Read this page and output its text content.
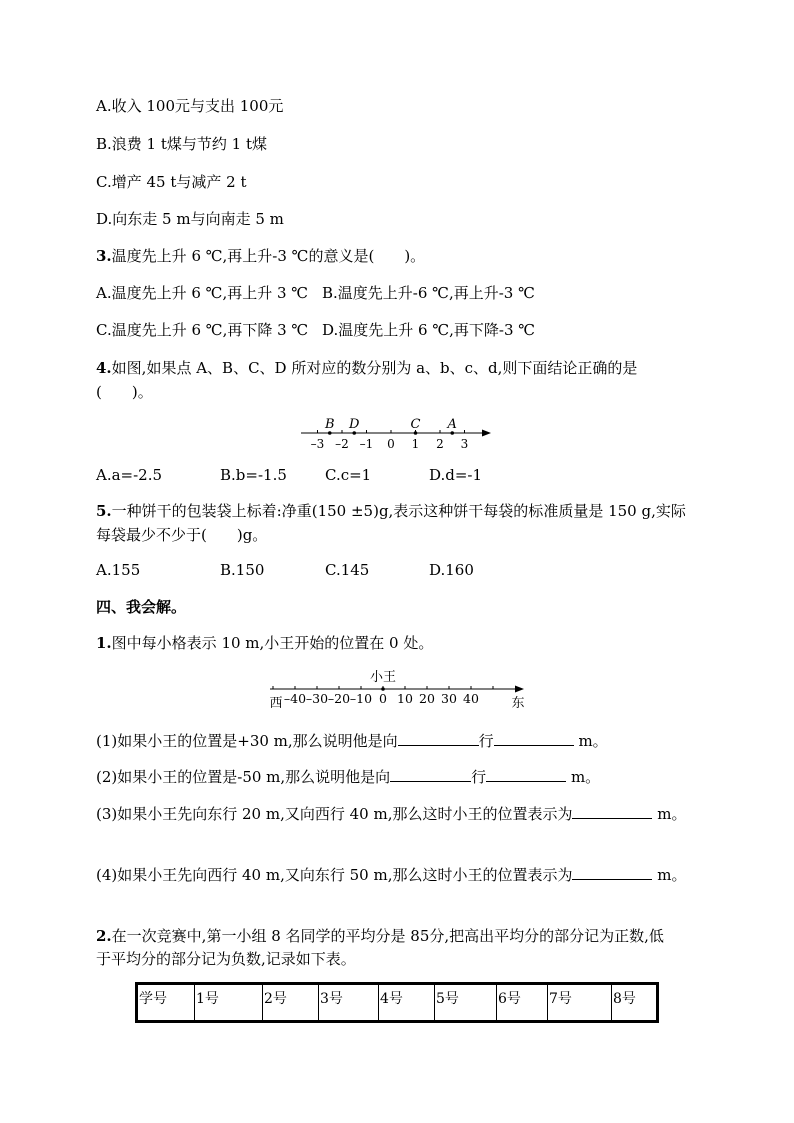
A.收入 100元与支出 100元
B.浪费 1 t煤与节约 1 t煤
C.增产 45 t与减产 2 t
D.向东走 5 m与向南走 5 m
3.温度先上升 6 ℃,再上升-3 ℃的意义是(　　)。
A.温度先上升 6 ℃,再上升 3 ℃ B.温度先上升-6 ℃,再上升-3 ℃
C.温度先上升 6 ℃,再下降 3 ℃ D.温度先上升 6 ℃,再下降-3 ℃
4.如图,如果点 A、B、C、D 所对应的数分别为 a、b、c、d,则下面结论正确的是
(　　)。
–3 –2 –1 0 1 2 3
B D	C A
A.a=-2.5	B.b=-1.5	C.c=1	D.d=-1
5.一种饼干的包装袋上标着:净重(150 ±5)g,表示这种饼干每袋的标准质量是 150 g,实际
每袋最少不少于(　　)g。
A.155	B.150	C.145	D.160
四、我会解。
1.图中每小格表示 10 m,小王开始的位置在 0 处。
小王
西	东
–40 –30 –20 –10 0 10 20 30 40
(1)如果小王的位置是+30 m,那么说明他是向	行	m。
(2)如果小王的位置是-50 m,那么说明他是向	行	m。
(3)如果小王先向东行 20 m,又向西行 40 m,那么这时小王的位置表示为	m。
(4)如果小王先向西行 40 m,又向东行 50 m,那么这时小王的位置表示为	m。
2.在一次竞赛中,第一小组 8 名同学的平均分是 85分,把高出平均分的部分记为正数,低
于平均分的部分记为负数,记录如下表。
学号	1号	2号	3号	4号	5号	6号	7号	8号
